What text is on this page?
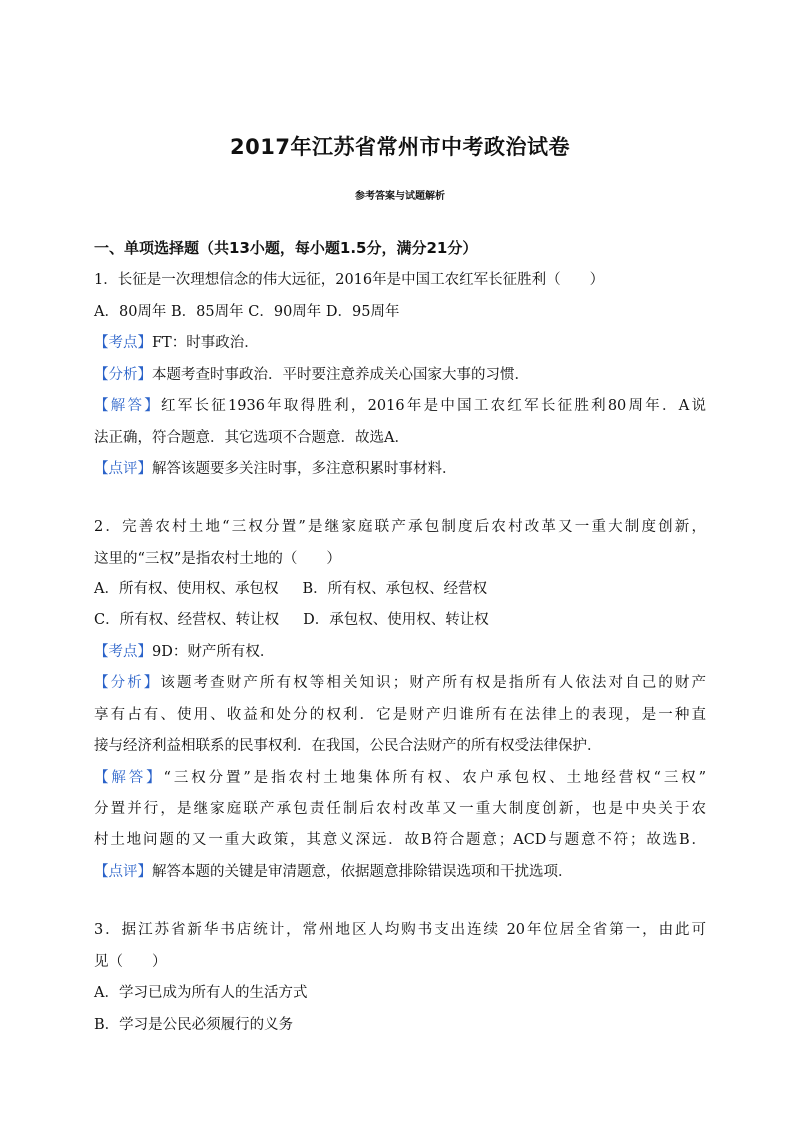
2017年江苏省常州市中考政治试卷
参考答案与试题解析
一、单项选择题（共13小题，每小题1.5分，满分21分）
1．长征是一次理想信念的伟大远征，2016年是中国工农红军长征胜利（　　）
A．80周年 B．85周年 C．90周年 D．95周年
【考点】FT：时事政治．
【分析】本题考查时事政治．平时要注意养成关心国家大事的习惯．
【解答】红军长征1936年取得胜利，2016年是中国工农红军长征胜利80周年．A说
法正确，符合题意．其它选项不合题意．故选A．
【点评】解答该题要多关注时事，多注意积累时事材料．
2．完善农村土地“三权分置”是继家庭联产承包制度后农村改革又一重大制度创新，
这里的“三权”是指农村土地的（　　）
A．所有权、使用权、承包权 B．所有权、承包权、经营权
C．所有权、经营权、转让权 D．承包权、使用权、转让权
【考点】9D：财产所有权．
【分析】该题考查财产所有权等相关知识；财产所有权是指所有人依法对自己的财产
享有占有、使用、收益和处分的权利．它是财产归谁所有在法律上的表现，是一种直
接与经济利益相联系的民事权利．在我国，公民合法财产的所有权受法律保护．
【解答】“三权分置”是指农村土地集体所有权、农户承包权、土地经营权“三权”
分置并行，是继家庭联产承包责任制后农村改革又一重大制度创新，也是中央关于农
村土地问题的又一重大政策，其意义深远．故B符合题意；ACD与题意不符；故选B．
【点评】解答本题的关键是审清题意，依据题意排除错误选项和干扰选项．
3．据江苏省新华书店统计，常州地区人均购书支出连续 20年位居全省第一，由此可
见（　　）
A．学习已成为所有人的生活方式
B．学习是公民必须履行的义务
